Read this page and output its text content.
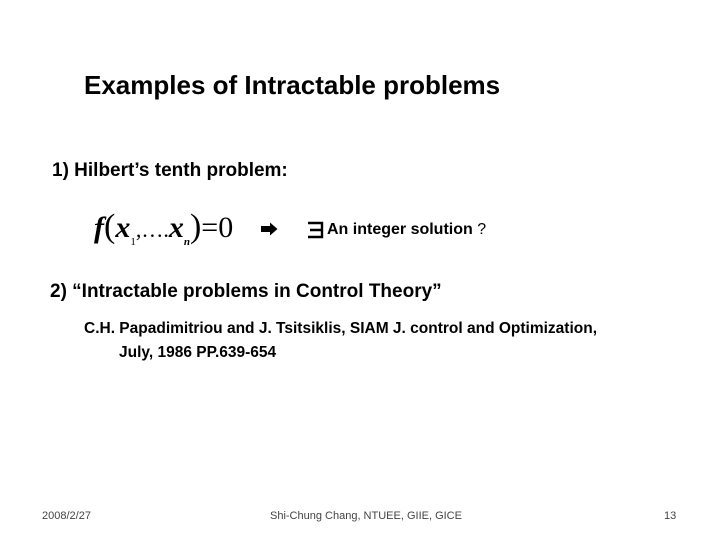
Examples of Intractable problems
1) Hilbert’s tenth problem:
$f(x_1,\dots.x_n)=0$	An integer solution ?
2) “Intractable problems in Control Theory”
C.H. Papadimitriou and J. Tsitsiklis, SIAM J. control and Optimization,
July, 1986 PP.639-654
2008/2/27	Shi-Chung Chang, NTUEE, GIIE, GICE	13
